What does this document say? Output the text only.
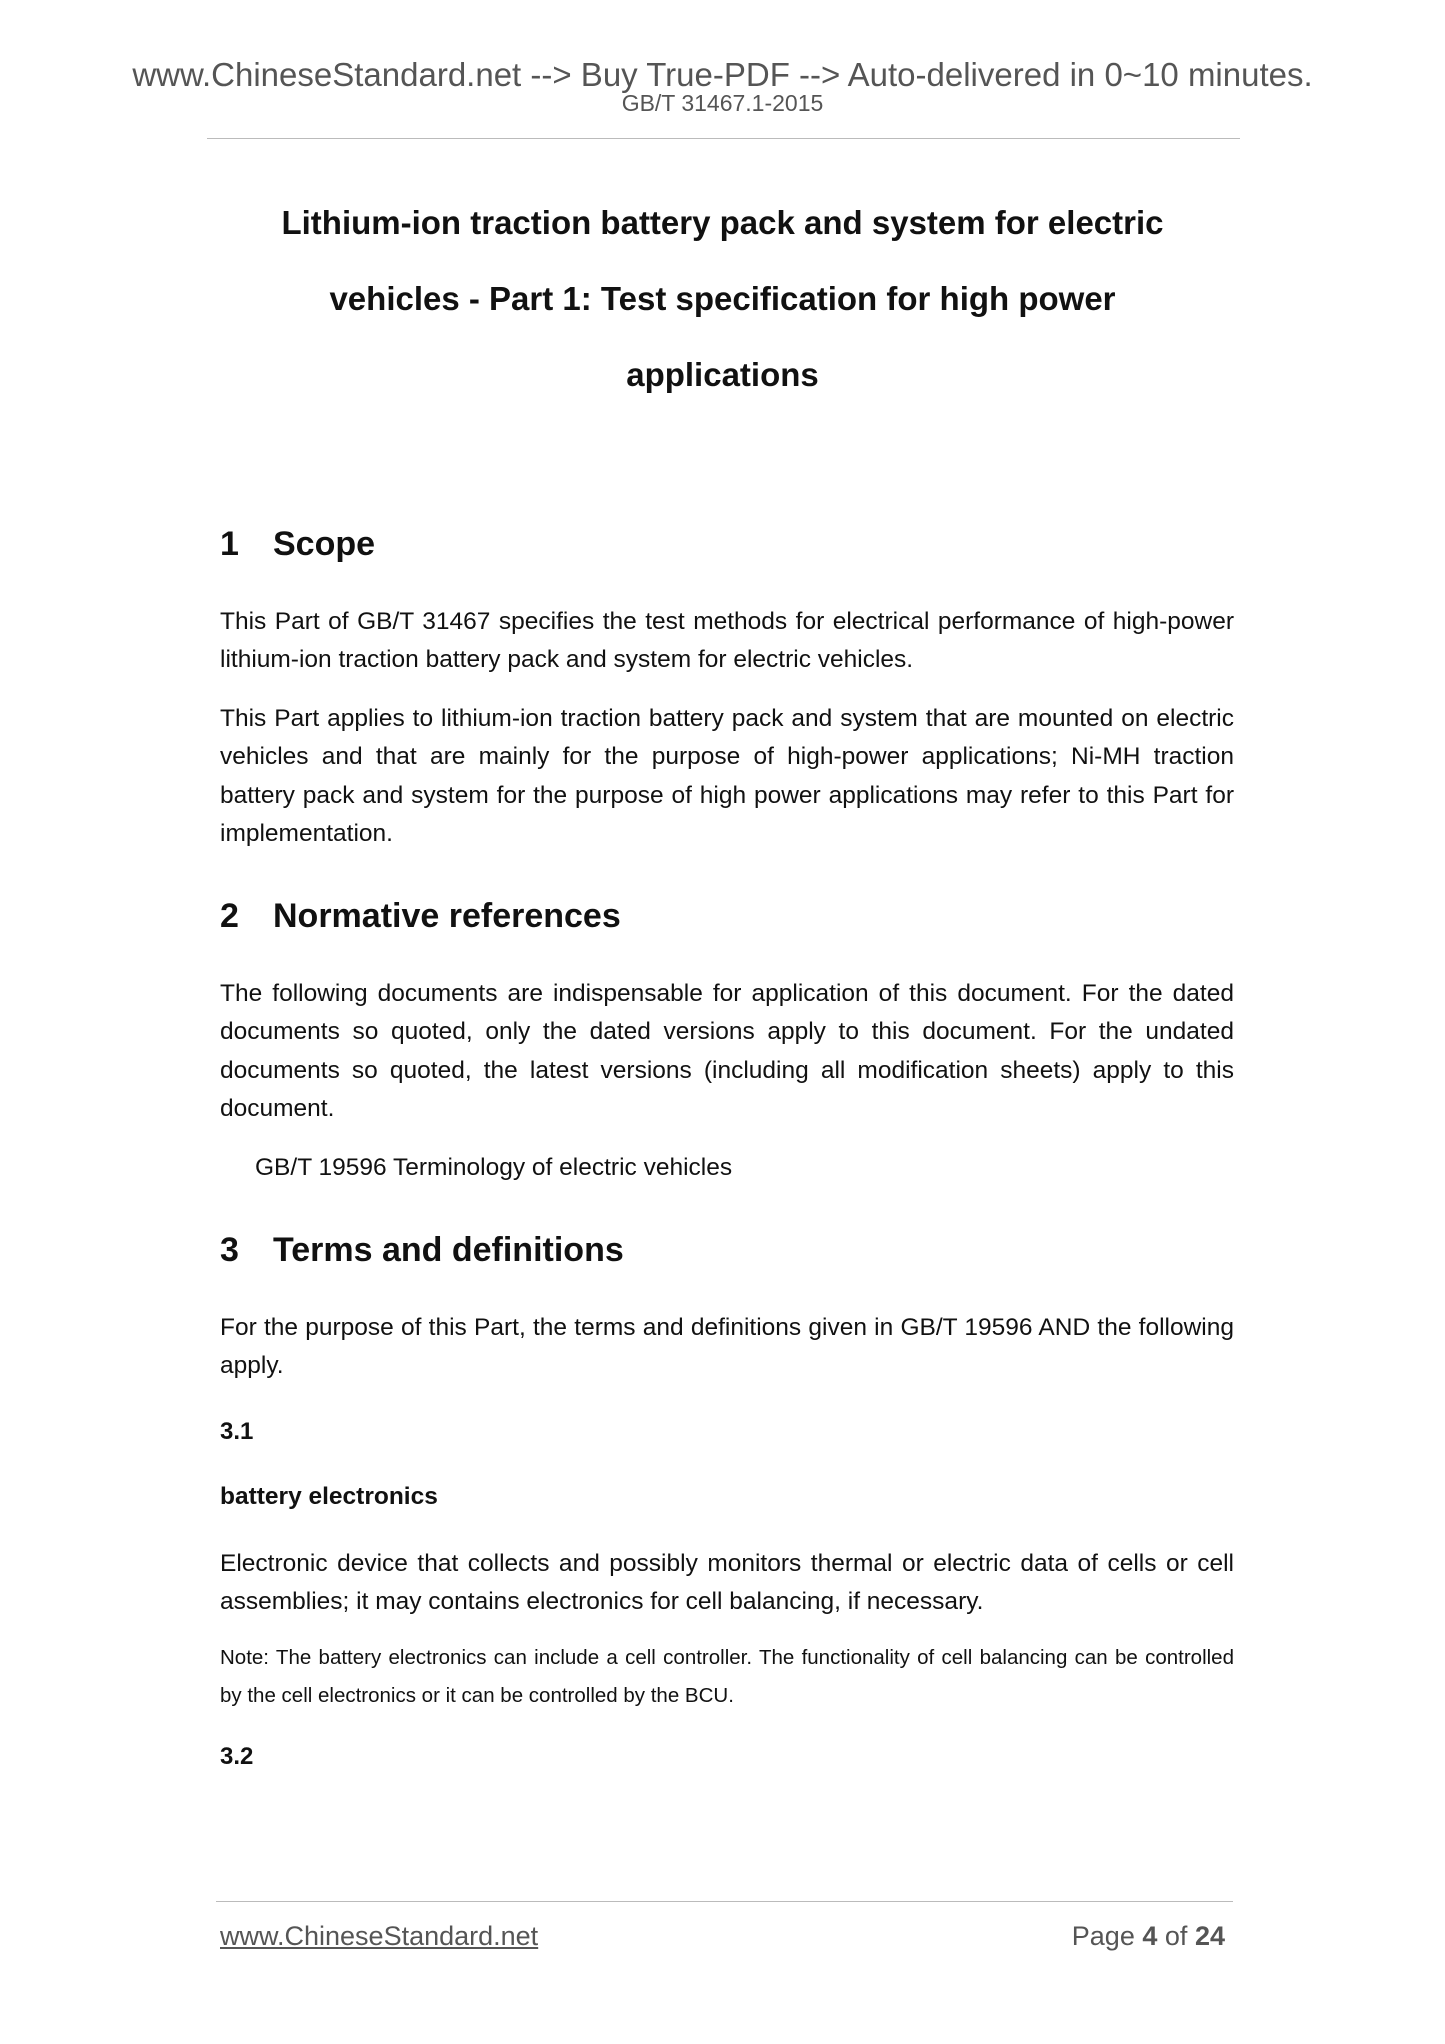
www.ChineseStandard.net --> Buy True-PDF --> Auto-delivered in 0~10 minutes.
GB/T 31467.1-2015
Lithium-ion traction battery pack and system for electric
vehicles - Part 1: Test specification for high power
applications
1 Scope

This Part of GB/T 31467 specifies the test methods for electrical performance of high-power lithium-ion traction battery pack and system for electric vehicles.

This Part applies to lithium-ion traction battery pack and system that are mounted on electric vehicles and that are mainly for the purpose of high-power applications; Ni-MH traction battery pack and system for the purpose of high power applications may refer to this Part for implementation.

2 Normative references

The following documents are indispensable for application of this document. For the dated documents so quoted, only the dated versions apply to this document. For the undated documents so quoted, the latest versions (including all modification sheets) apply to this document.

GB/T 19596 Terminology of electric vehicles

3 Terms and definitions

For the purpose of this Part, the terms and definitions given in GB/T 19596 AND the following apply.

3.1

battery electronics

Electronic device that collects and possibly monitors thermal or electric data of cells or cell assemblies; it may contains electronics for cell balancing, if necessary.

Note: The battery electronics can include a cell controller. The functionality of cell balancing can be controlled by the cell electronics or it can be controlled by the BCU.

3.2

www.ChineseStandard.net	Page 4 of 24
